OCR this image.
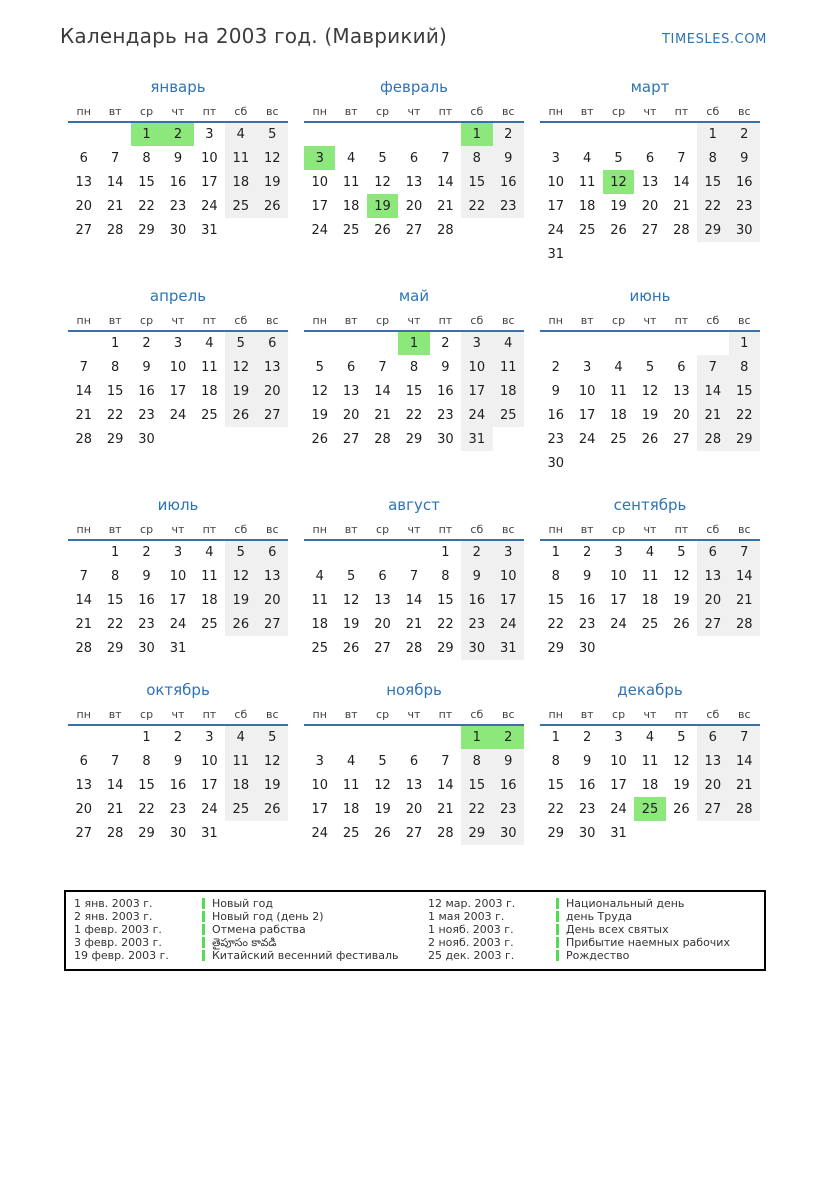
Календарь на 2003 год. (Маврикий)	TIMESLES.COM
январь
пн	вт	ср	чт	пт	сб	вс
		1	2	3	4	5
6	7	8	9	10	11	12
13	14	15	16	17	18	19
20	21	22	23	24	25	26
27	28	29	30	31		
февраль
пн	вт	ср	чт	пт	сб	вс
					1	2
3	4	5	6	7	8	9
10	11	12	13	14	15	16
17	18	19	20	21	22	23
24	25	26	27	28		
март
пн	вт	ср	чт	пт	сб	вс
					1	2
3	4	5	6	7	8	9
10	11	12	13	14	15	16
17	18	19	20	21	22	23
24	25	26	27	28	29	30
31						
апрель
пн	вт	ср	чт	пт	сб	вс
	1	2	3	4	5	6
7	8	9	10	11	12	13
14	15	16	17	18	19	20
21	22	23	24	25	26	27
28	29	30				
май
пн	вт	ср	чт	пт	сб	вс
			1	2	3	4
5	6	7	8	9	10	11
12	13	14	15	16	17	18
19	20	21	22	23	24	25
26	27	28	29	30	31	
июнь
пн	вт	ср	чт	пт	сб	вс
						1
2	3	4	5	6	7	8
9	10	11	12	13	14	15
16	17	18	19	20	21	22
23	24	25	26	27	28	29
30						
июль
пн	вт	ср	чт	пт	сб	вс
	1	2	3	4	5	6
7	8	9	10	11	12	13
14	15	16	17	18	19	20
21	22	23	24	25	26	27
28	29	30	31			
август
пн	вт	ср	чт	пт	сб	вс
				1	2	3
4	5	6	7	8	9	10
11	12	13	14	15	16	17
18	19	20	21	22	23	24
25	26	27	28	29	30	31
сентябрь
пн	вт	ср	чт	пт	сб	вс
1	2	3	4	5	6	7
8	9	10	11	12	13	14
15	16	17	18	19	20	21
22	23	24	25	26	27	28
29	30					
октябрь
пн	вт	ср	чт	пт	сб	вс
		1	2	3	4	5
6	7	8	9	10	11	12
13	14	15	16	17	18	19
20	21	22	23	24	25	26
27	28	29	30	31		
ноябрь
пн	вт	ср	чт	пт	сб	вс
					1	2
3	4	5	6	7	8	9
10	11	12	13	14	15	16
17	18	19	20	21	22	23
24	25	26	27	28	29	30
декабрь
пн	вт	ср	чт	пт	сб	вс
1	2	3	4	5	6	7
8	9	10	11	12	13	14
15	16	17	18	19	20	21
22	23	24	25	26	27	28
29	30	31				
1 янв. 2003 г.	Новый год	12 мар. 2003 г.	Национальный день
2 янв. 2003 г.	Новый год (день 2)	1 мая 2003 г.	день Труда
1 февр. 2003 г.	Отмена рабства	1 нояб. 2003 г.	День всех святых
3 февр. 2003 г.	తైపూసం కావడి	2 нояб. 2003 г.	Прибытие наемных рабочих
19 февр. 2003 г.	Китайский весенний фестиваль	25 дек. 2003 г.	Рождество
